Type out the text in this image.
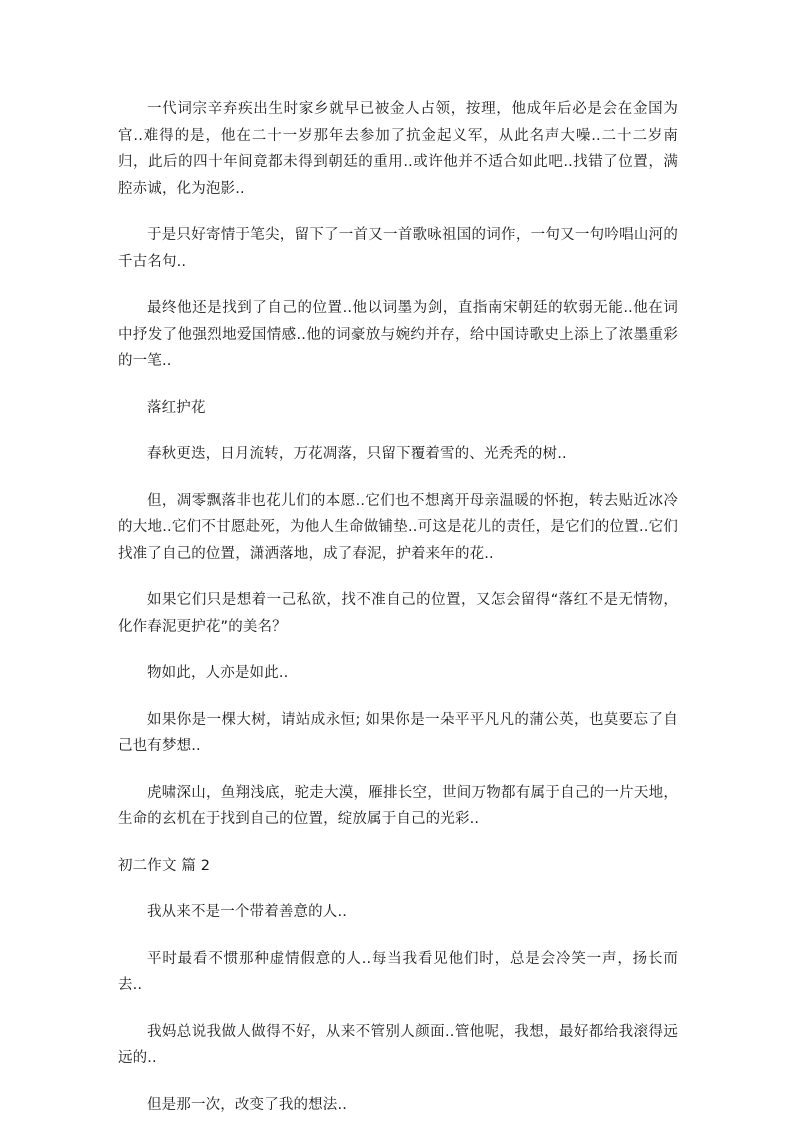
一代词宗辛弃疾出生时家乡就早已被金人占领，按理，他成年后必是会在金国为官..难得的是，他在二十一岁那年去参加了抗金起义军，从此名声大噪..二十二岁南归，此后的四十年间竟都未得到朝廷的重用..或许他并不适合如此吧..找错了位置，满腔赤诚，化为泡影..

于是只好寄情于笔尖，留下了一首又一首歌咏祖国的词作，一句又一句吟唱山河的千古名句..

最终他还是找到了自己的位置..他以词墨为剑，直指南宋朝廷的软弱无能..他在词中抒发了他强烈地爱国情感..他的词豪放与婉约并存，给中国诗歌史上添上了浓墨重彩的一笔..

落红护花

春秋更迭，日月流转，万花凋落，只留下覆着雪的、光秃秃的树..

但，凋零飘落非也花儿们的本愿..它们也不想离开母亲温暖的怀抱，转去贴近冰冷的大地..它们不甘愿赴死，为他人生命做铺垫..可这是花儿的责任，是它们的位置..它们找准了自己的位置，潇洒落地，成了春泥，护着来年的花..

如果它们只是想着一己私欲，找不准自己的位置，又怎会留得“落红不是无情物，化作春泥更护花”的美名？

物如此，人亦是如此..

如果你是一棵大树，请站成永恒; 如果你是一朵平平凡凡的蒲公英，也莫要忘了自己也有梦想..

虎啸深山，鱼翔浅底，驼走大漠，雁排长空，世间万物都有属于自己的一片天地，生命的玄机在于找到自己的位置，绽放属于自己的光彩..

初二作文 篇 2

我从来不是一个带着善意的人..

平时最看不惯那种虚情假意的人..每当我看见他们时，总是会冷笑一声，扬长而去..

我妈总说我做人做得不好，从来不管别人颜面..管他呢，我想，最好都给我滚得远远的..

但是那一次，改变了我的想法..
